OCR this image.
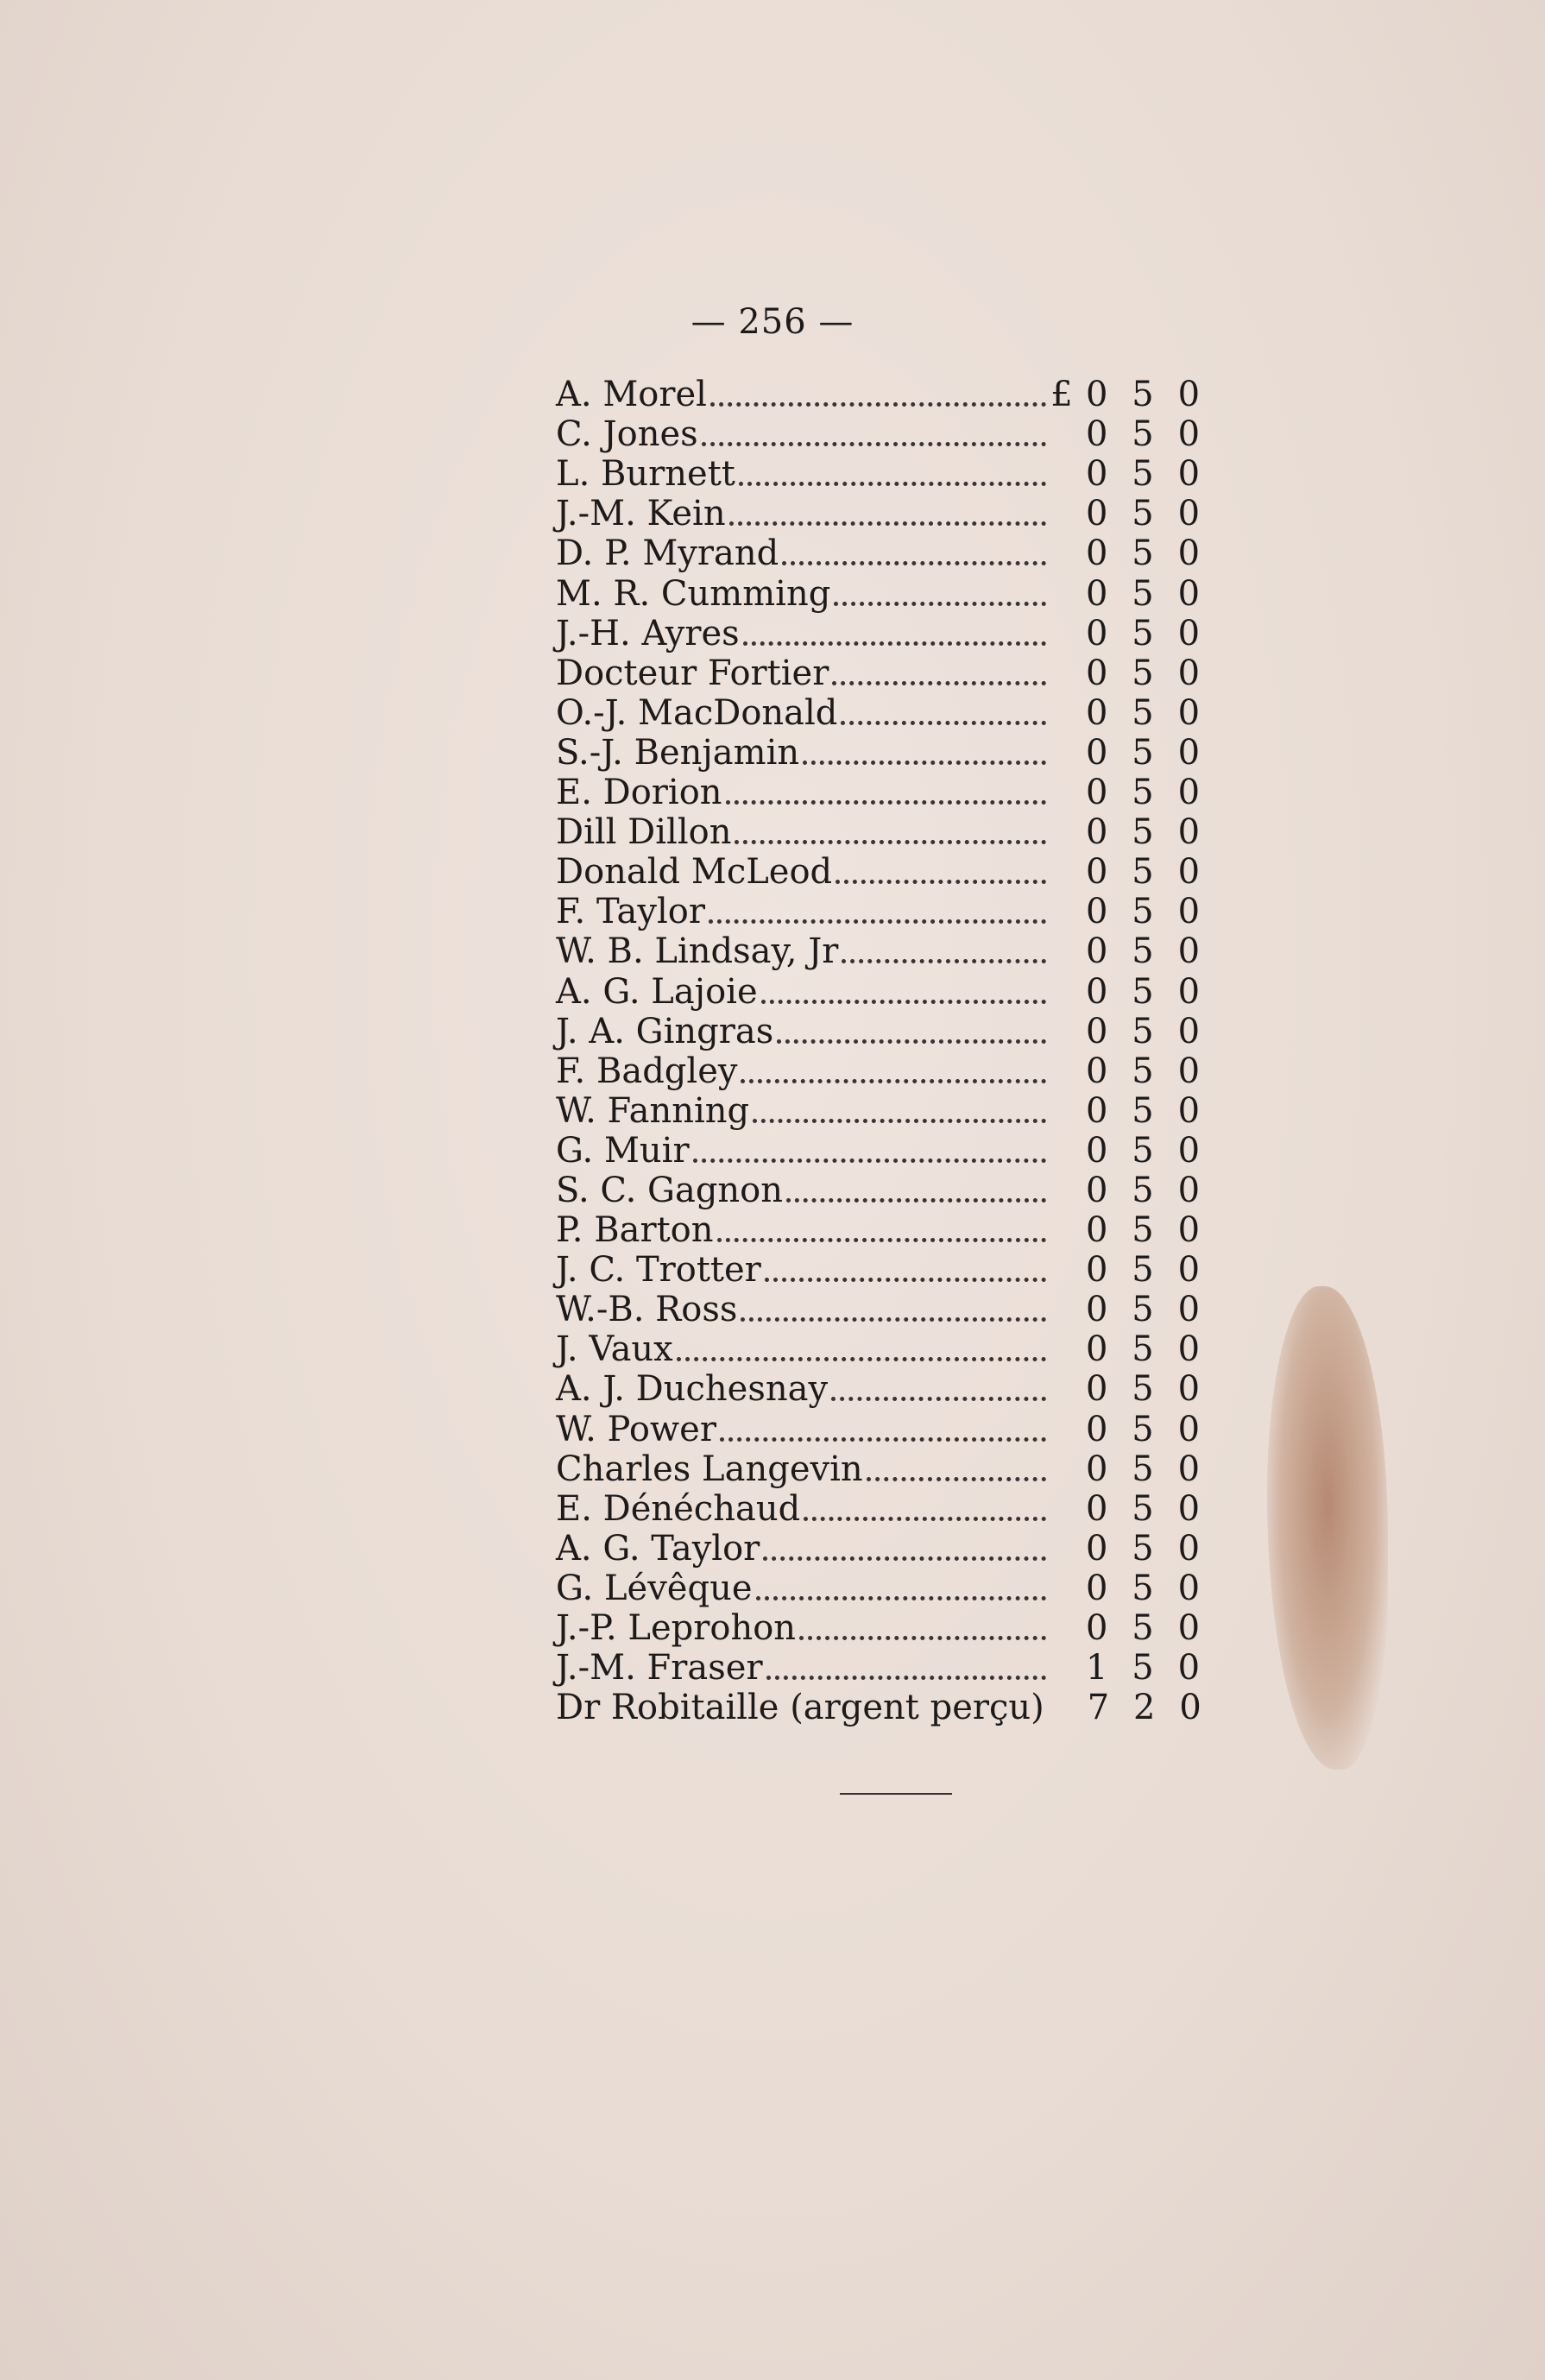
— 256 —
A. Morel	£ 0 5 0
C. Jones	0 5 0
L. Burnett	0 5 0
J.-M. Kein	0 5 0
D. P. Myrand	0 5 0
M. R. Cumming	0 5 0
J.-H. Ayres	0 5 0
Docteur Fortier	0 5 0
O.-J. MacDonald	0 5 0
S.-J. Benjamin	0 5 0
E. Dorion	0 5 0
Dill Dillon	0 5 0
Donald McLeod	0 5 0
F. Taylor	0 5 0
W. B. Lindsay, Jr	0 5 0
A. G. Lajoie	0 5 0
J. A. Gingras	0 5 0
F. Badgley	0 5 0
W. Fanning	0 5 0
G. Muir	0 5 0
S. C. Gagnon	0 5 0
P. Barton	0 5 0
J. C. Trotter	0 5 0
W.-B. Ross	0 5 0
J. Vaux	0 5 0
A. J. Duchesnay	0 5 0
W. Power	0 5 0
Charles Langevin	0 5 0
E. Dénéchaud	0 5 0
A. G. Taylor	0 5 0
G. Lévêque	0 5 0
J.-P. Leprohon	0 5 0
J.-M. Fraser	1 5 0
Dr Robitaille (argent perçu)	7 2 0
